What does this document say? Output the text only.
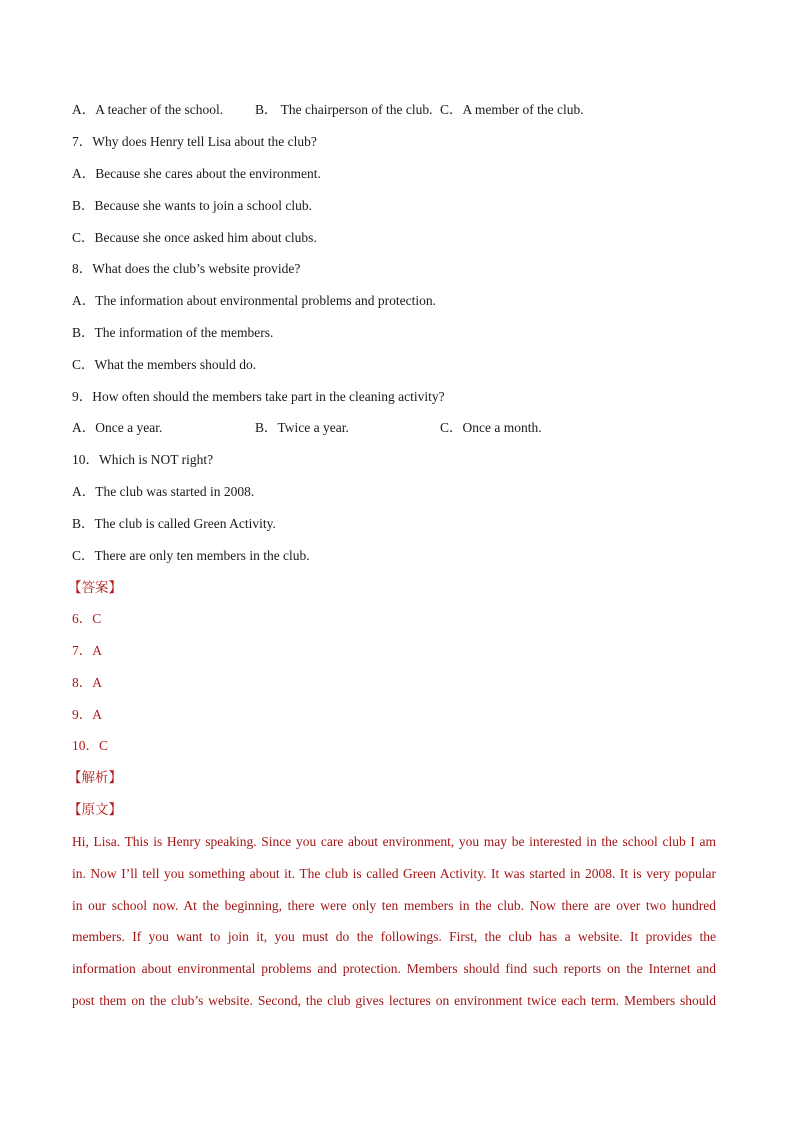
A．A teacher of the school. B． The chairperson of the club. C．A member of the club.
7．Why does Henry tell Lisa about the club?
A．Because she cares about the environment.
B．Because she wants to join a school club.
C．Because she once asked him about clubs.
8．What does the club’s website provide?
A．The information about environmental problems and protection.
B．The information of the members.
C．What the members should do.
9．How often should the members take part in the cleaning activity?
A．Once a year.	B．Twice a year.	C．Once a month.
10．Which is NOT right?
A．The club was started in 2008.
B．The club is called Green Activity.
C．There are only ten members in the club.
【答案】
6．C
7．A
8．A
9．A
10．C
【解析】
【原文】
Hi, Lisa. This is Henry speaking. Since you care about environment, you may be interested in the school club I am
in. Now I’ll tell you something about it. The club is called Green Activity. It was started in 2008. It is very popular
in our school now. At the beginning, there were only ten members in the club. Now there are over two hundred
members. If you want to join it, you must do the followings. First, the club has a website. It provides the
information about environmental problems and protection. Members should find such reports on the Internet and
post them on the club’s website. Second, the club gives lectures on environment twice each term. Members should
